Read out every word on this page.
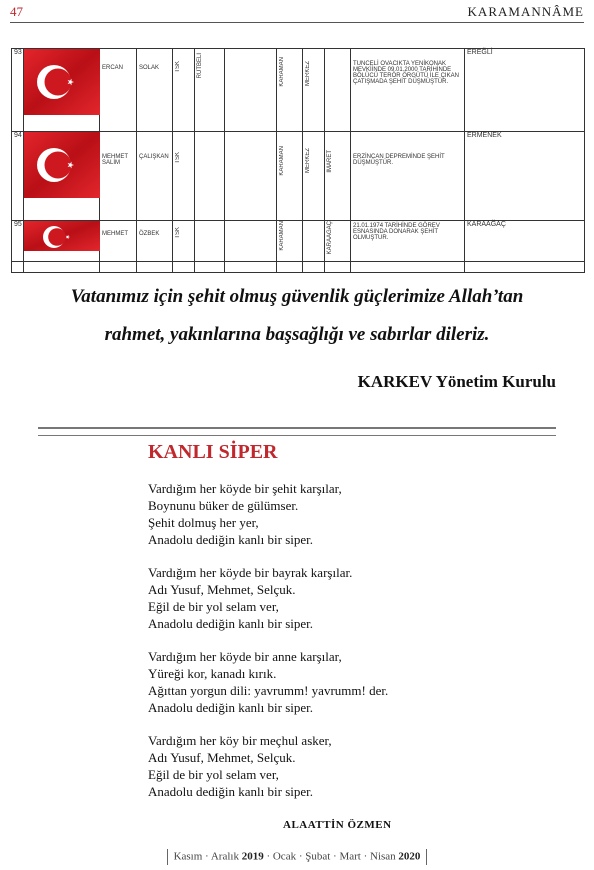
47	KARAMANNÂME
93		ERCAN	SOLAK	TSK	RÜTBELİ		KARAMAN	MERKEZ		TUNCELİ OVACIKTA YENİKONAK MEVKİİNDE 09.01.2000 TARİHİNDE BÖLÜCÜ TERÖR ÖRGÜTÜ İLE ÇIKAN ÇATIŞMADA ŞEHİT DÜŞMÜŞTÜR.	EREĞLİ
94		MEHMET SALİM	ÇALIŞKAN	TSK			KARAMAN	MERKEZ	İMARET	ERZİNCAN DEPREMİNDE ŞEHİT DÜŞMÜŞTÜR.	ERMENEK
95		MEHMET	ÖZBEK	TSK			KARAMAN		KARAAĞAÇ	21.01.1974 TARİHİNDE GÖREV ESNASINDA DONARAK ŞEHİT OLMUŞTUR.	KARAAĞAÇ

Vatanımız için şehit olmuş güvenlik güçlerimize Allah’tan

rahmet, yakınlarına başsağlığı ve sabırlar dileriz.

KARKEV Yönetim Kurulu
KANLI SİPER
Vardığım her köyde bir şehit karşılar,
Boynunu büker de gülümser.
Şehit dolmuş her yer,
Anadolu dediğin kanlı bir siper.
Vardığım her köyde bir bayrak karşılar.
Adı Yusuf, Mehmet, Selçuk.
Eğil de bir yol selam ver,
Anadolu dediğin kanlı bir siper.
Vardığım her köyde bir anne karşılar,
Yüreği kor, kanadı kırık.
Ağıttan yorgun dili: yavrumm! yavrumm! der.
Anadolu dediğin kanlı bir siper.
Vardığım her köy bir meçhul asker,
Adı Yusuf, Mehmet, Selçuk.
Eğil de bir yol selam ver,
Anadolu dediğin kanlı bir siper.
ALAATTİN ÖZMEN
Kasım · Aralık 2019 · Ocak · Şubat · Mart · Nisan 2020
